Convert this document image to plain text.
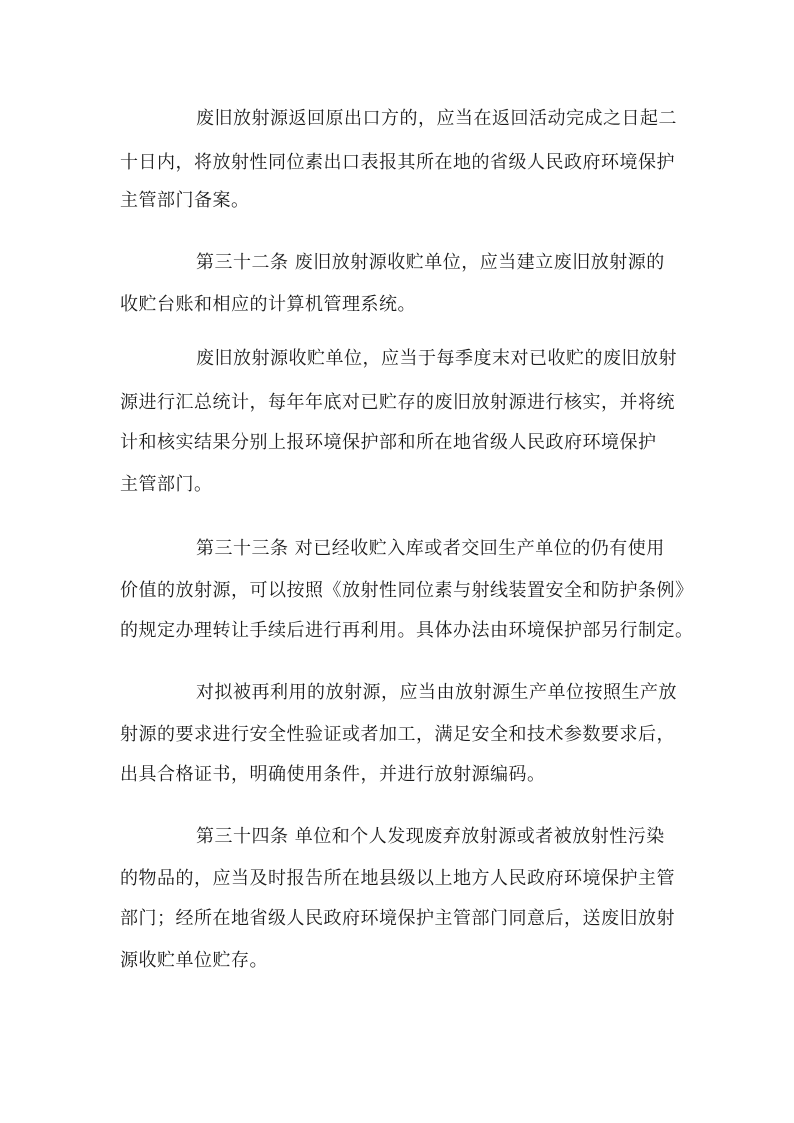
废旧放射源返回原出口方的，应当在返回活动完成之日起二
十日内，将放射性同位素出口表报其所在地的省级人民政府环境保护
主管部门备案。
第三十二条 废旧放射源收贮单位，应当建立废旧放射源的
收贮台账和相应的计算机管理系统。
废旧放射源收贮单位，应当于每季度末对已收贮的废旧放射
源进行汇总统计，每年年底对已贮存的废旧放射源进行核实，并将统
计和核实结果分别上报环境保护部和所在地省级人民政府环境保护
主管部门。
第三十三条 对已经收贮入库或者交回生产单位的仍有使用
价值的放射源，可以按照《放射性同位素与射线装置安全和防护条例》
的规定办理转让手续后进行再利用。具体办法由环境保护部另行制定。
对拟被再利用的放射源，应当由放射源生产单位按照生产放
射源的要求进行安全性验证或者加工，满足安全和技术参数要求后，
出具合格证书，明确使用条件，并进行放射源编码。
第三十四条 单位和个人发现废弃放射源或者被放射性污染
的物品的，应当及时报告所在地县级以上地方人民政府环境保护主管
部门；经所在地省级人民政府环境保护主管部门同意后，送废旧放射
源收贮单位贮存。
